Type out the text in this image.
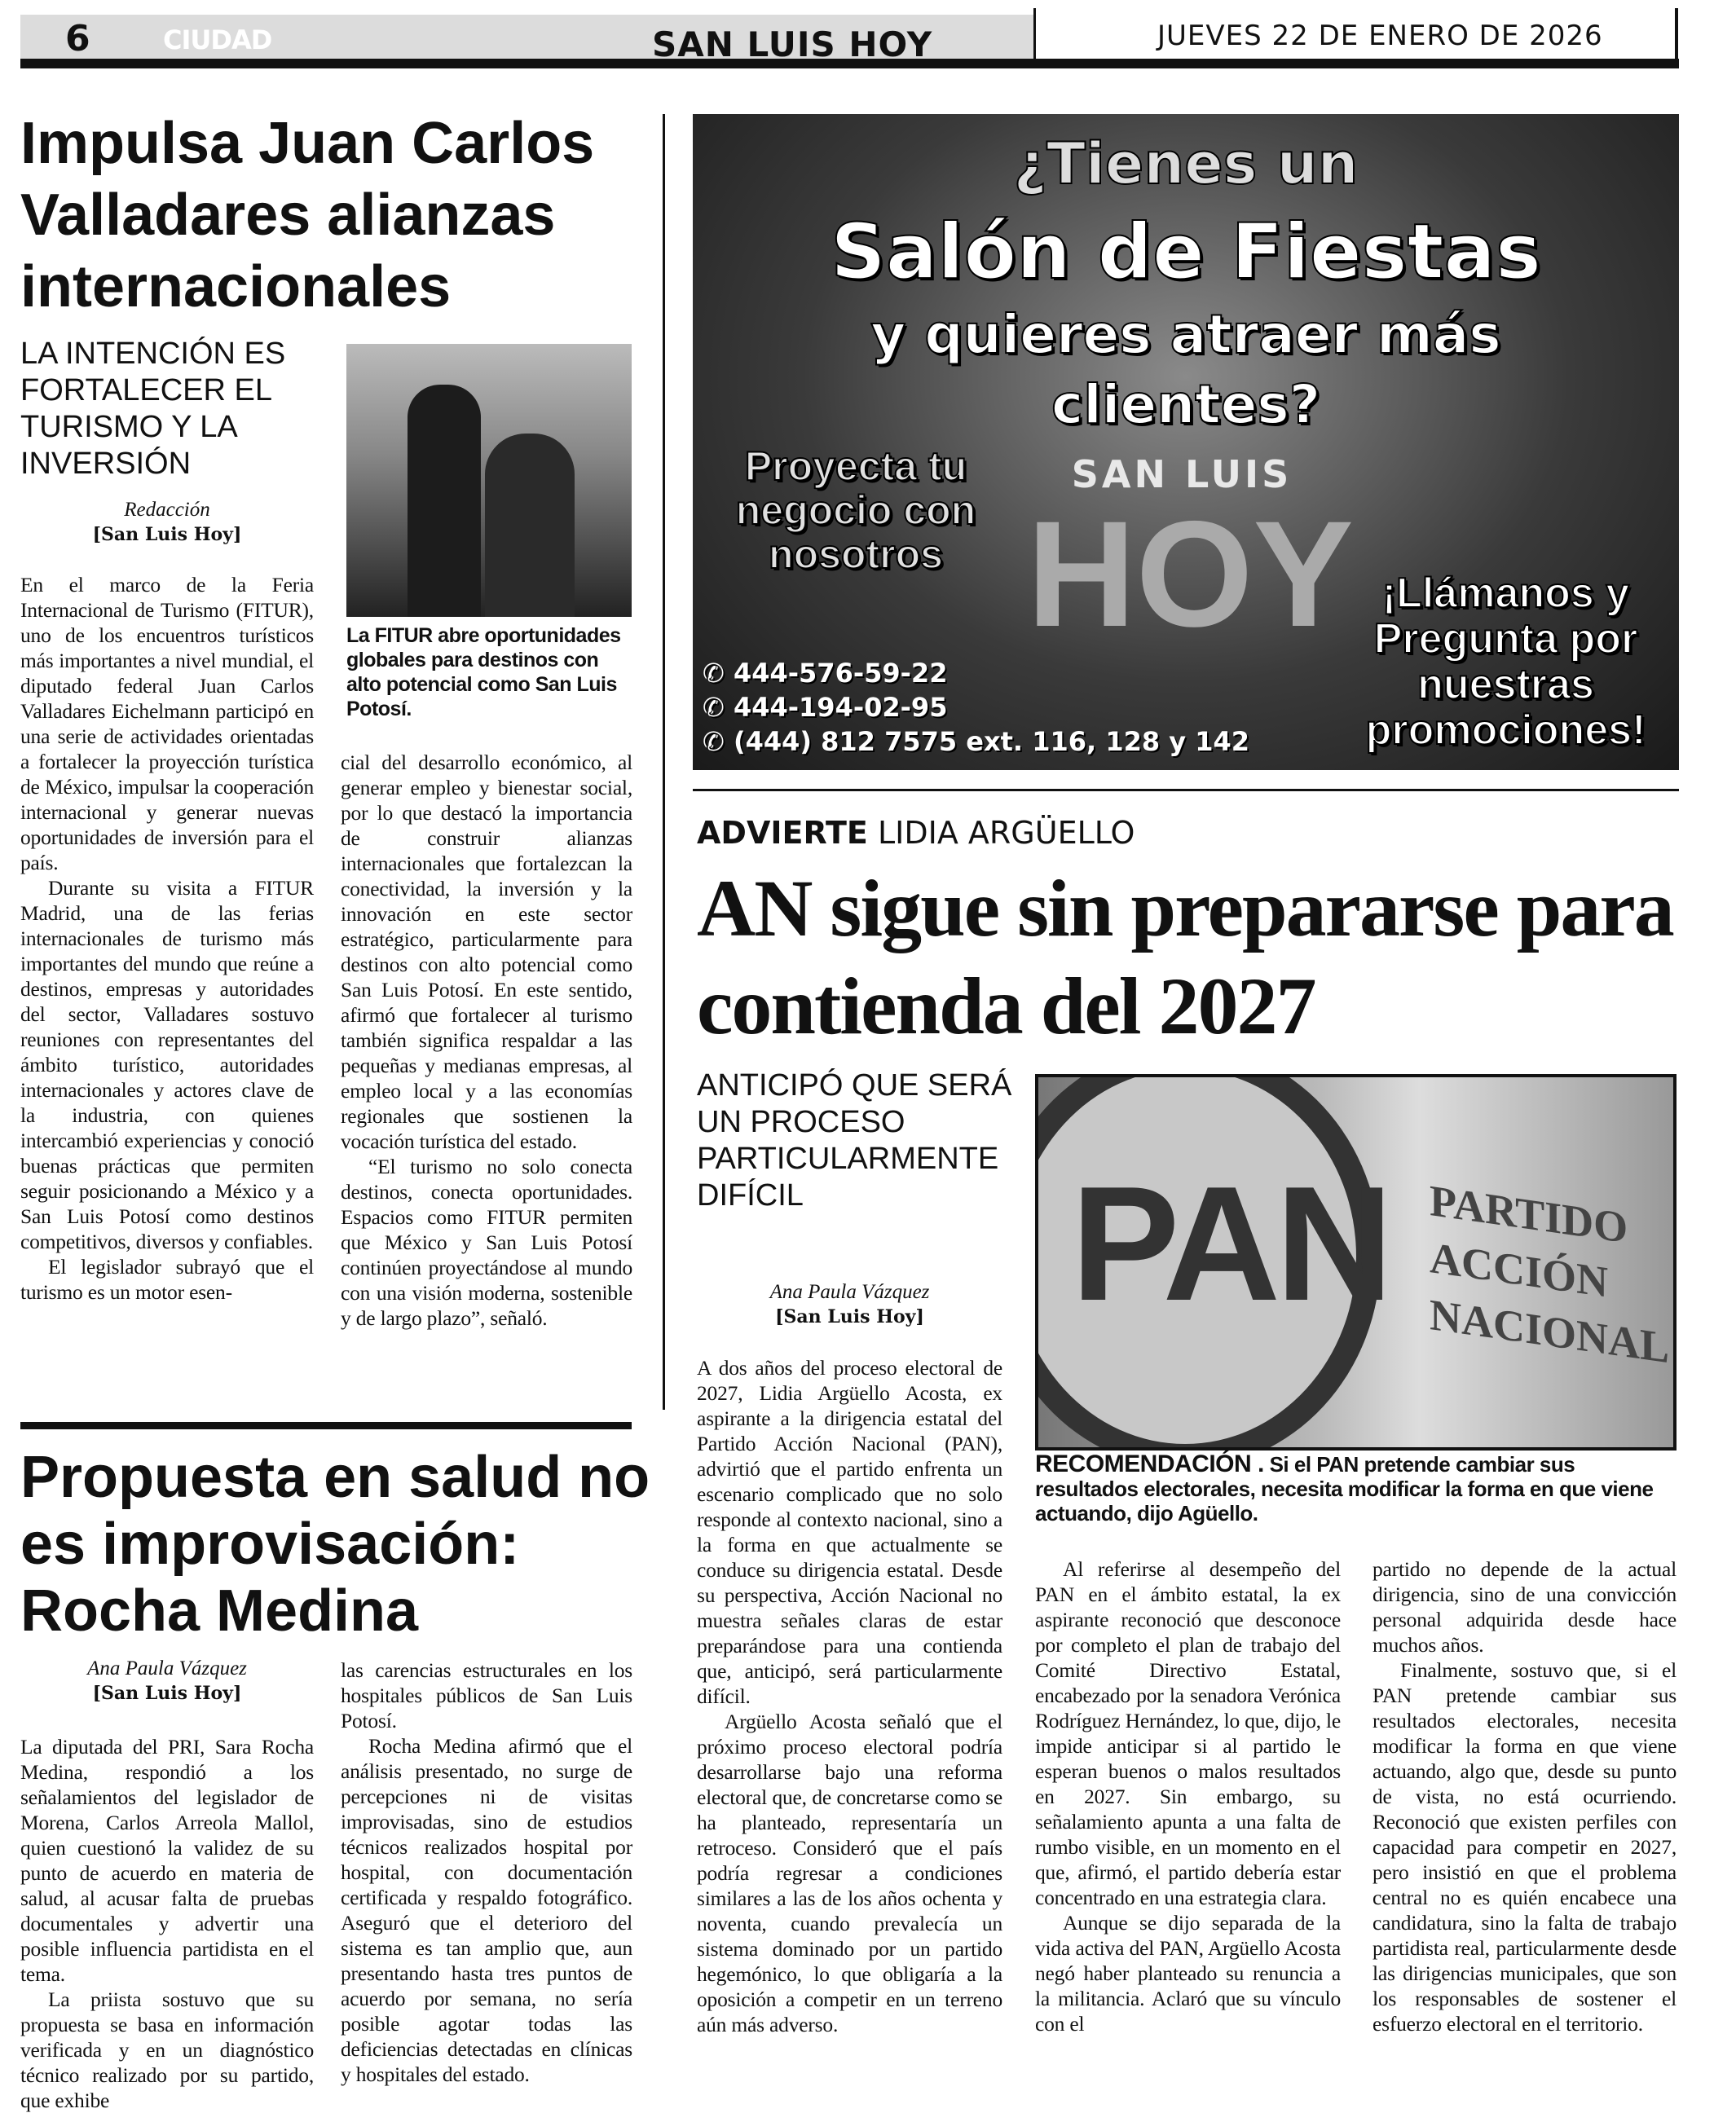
6	CIUDAD	SAN LUIS HOY	JUEVES 22 DE ENERO DE 2026
Impulsa Juan Carlos Valladares alianzas internacionales
LA INTENCIÓN ES FORTALECER EL TURISMO Y LA INVERSIÓN
Redacción
[San Luis Hoy]
La FITUR abre oportunidades globales para destinos con alto potencial como San Luis Potosí.

En el marco de la Feria Internacional de Turismo (FITUR), uno de los encuentros turísticos más importantes a nivel mundial, el diputado federal Juan Carlos Valladares Eichelmann participó en una serie de actividades orientadas a fortalecer la proyección turística de México, impulsar la cooperación internacional y generar nuevas oportunidades de inversión para el país.

Durante su visita a FITUR Madrid, una de las ferias internacionales de turismo más importantes del mundo que reúne a destinos, empresas y autoridades del sector, Valladares sostuvo reuniones con representantes del ámbito turístico, autoridades internacionales y actores clave de la industria, con quienes intercambió experiencias y conoció buenas prácticas que permiten seguir posicionando a México y a San Luis Potosí como destinos competitivos, diversos y confiables.

El legislador subrayó que el turismo es un motor esen-

cial del desarrollo económico, al generar empleo y bienestar social, por lo que destacó la importancia de construir alianzas internacionales que fortalezcan la conectividad, la inversión y la innovación en este sector estratégico, particularmente para destinos con alto potencial como San Luis Potosí. En este sentido, afirmó que fortalecer al turismo también significa respaldar a las pequeñas y medianas empresas, al empleo local y a las economías regionales que sostienen la vocación turística del estado.

“El turismo no solo conecta destinos, conecta oportunidades. Espacios como FITUR permiten que México y San Luis Potosí continúen proyectándose al mundo con una visión moderna, sostenible y de largo plazo”, señaló.

Propuesta en salud no es improvisación: Rocha Medina
Ana Paula Vázquez
[San Luis Hoy]

La diputada del PRI, Sara Rocha Medina, respondió a los señalamientos del legislador de Morena, Carlos Arreola Mallol, quien cuestionó la validez de su punto de acuerdo en materia de salud, al acusar falta de pruebas documentales y advertir una posible influencia partidista en el tema.

La priista sostuvo que su propuesta se basa en información verificada y en un diagnóstico técnico realizado por su partido, que exhibe

las carencias estructurales en los hospitales públicos de San Luis Potosí.

Rocha Medina afirmó que el análisis presentado, no surge de percepciones ni de visitas improvisadas, sino de estudios técnicos realizados hospital por hospital, con documentación certificada y respaldo fotográfico. Aseguró que el deterioro del sistema es tan amplio que, aun presentando hasta tres puntos de acuerdo por semana, no sería posible agotar todas las deficiencias detectadas en clínicas y hospitales del estado.

¿Tienes un
Salón de Fiestas
y quieres atraer más
clientes?
Proyecta tu negocio con nosotros
SAN LUIS
HOY ¡Llámanos y Pregunta por nuestras promociones!
✆ 444-576-59-22
✆ 444-194-02-95
✆ (444) 812 7575 ext. 116, 128 y 142
ADVIERTE LIDIA ARGÜELLO
AN sigue sin prepararse para contienda del 2027
ANTICIPÓ QUE SERÁ UN PROCESO PARTICULARMENTE DIFÍCIL
Ana Paula Vázquez
[San Luis Hoy] PAN PARTIDO ACCIÓN NACIONAL
RECOMENDACIÓN . Si el PAN pretende cambiar sus resultados electorales, necesita modificar la forma en que viene actuando, dijo Agüello.

A dos años del proceso electoral de 2027, Lidia Argüello Acosta, ex aspirante a la dirigencia estatal del Partido Acción Nacional (PAN), advirtió que el partido enfrenta un escenario complicado que no solo responde al contexto nacional, sino a la forma en que actualmente se conduce su dirigencia estatal. Desde su perspectiva, Acción Nacional no muestra señales claras de estar preparándose para una contienda que, anticipó, será particularmente difícil.

Argüello Acosta señaló que el próximo proceso electoral podría desarrollarse bajo una reforma electoral que, de concretarse como se ha planteado, representaría un retroceso. Consideró que el país podría regresar a condiciones similares a las de los años ochenta y noventa, cuando prevalecía un sistema dominado por un partido hegemónico, lo que obligaría a la oposición a competir en un terreno aún más adverso.

Al referirse al desempeño del PAN en el ámbito estatal, la ex aspirante reconoció que desconoce por completo el plan de trabajo del Comité Directivo Estatal, encabezado por la senadora Verónica Rodríguez Hernández, lo que, dijo, le impide anticipar si al partido le esperan buenos o malos resultados en 2027. Sin embargo, su señalamiento apunta a una falta de rumbo visible, en un momento en el que, afirmó, el partido debería estar concentrado en una estrategia clara.

Aunque se dijo separada de la vida activa del PAN, Argüello Acosta negó haber planteado su renuncia a la militancia. Aclaró que su vínculo con el

partido no depende de la actual dirigencia, sino de una convicción personal adquirida desde hace muchos años.

Finalmente, sostuvo que, si el PAN pretende cambiar sus resultados electorales, necesita modificar la forma en que viene actuando, algo que, desde su punto de vista, no está ocurriendo. Reconoció que existen perfiles con capacidad para competir en 2027, pero insistió en que el problema central no es quién encabece una candidatura, sino la falta de trabajo partidista real, particularmente desde las dirigencias municipales, que son los responsables de sostener el esfuerzo electoral en el territorio.
